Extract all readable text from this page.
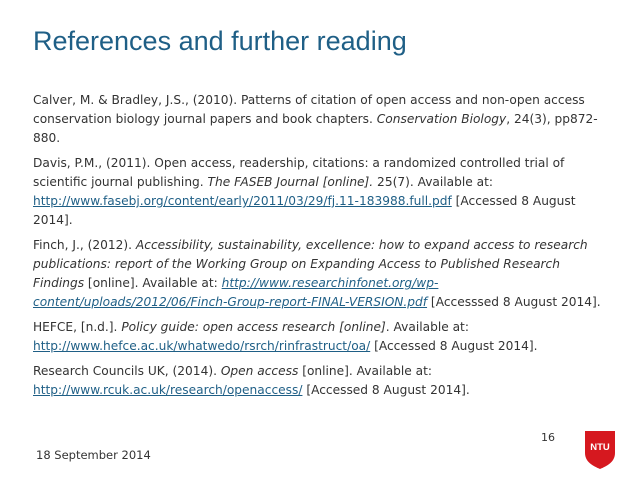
References and further reading
Calver, M. & Bradley, J.S., (2010). Patterns of citation of open access and non-open access conservation biology journal papers and book chapters. Conservation Biology, 24(3), pp872-880.
Davis, P.M., (2011). Open access, readership, citations: a randomized controlled trial of scientific journal publishing. The FASEB Journal [online]. 25(7). Available at: http://www.fasebj.org/content/early/2011/03/29/fj.11-183988.full.pdf [Accessed 8 August 2014].
Finch, J., (2012). Accessibility, sustainability, excellence: how to expand access to research publications: report of the Working Group on Expanding Access to Published Research Findings [online]. Available at: http://www.researchinfonet.org/wp-content/uploads/2012/06/Finch-Group-report-FINAL-VERSION.pdf [Accesssed 8 August 2014].
HEFCE, [n.d.]. Policy guide: open access research [online]. Available at: http://www.hefce.ac.uk/whatwedo/rsrch/rinfrastruct/oa/ [Accessed 8 August 2014].
Research Councils UK, (2014). Open access [online]. Available at: http://www.rcuk.ac.uk/research/openaccess/ [Accessed 8 August 2014].
16
18 September 2014
NTU
